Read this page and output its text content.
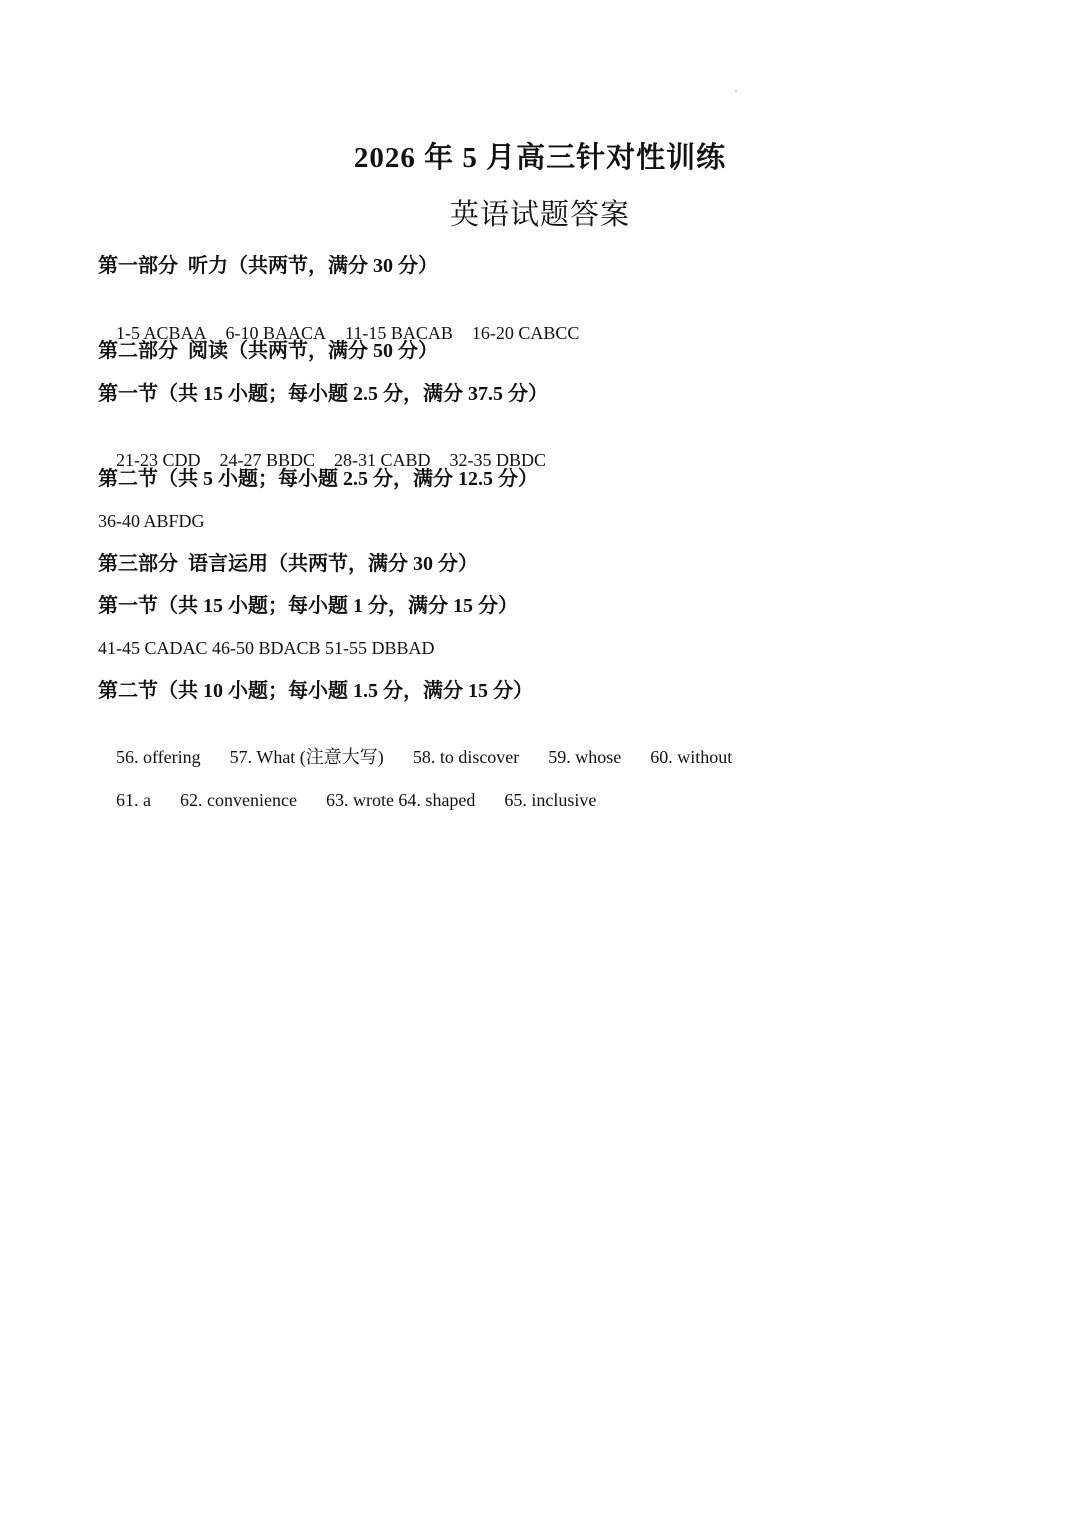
2026 年 5 月高三针对性训练
英语试题答案
第一部分  听力（共两节，满分 30 分）

1-5 ACBAA 6-10 BAACA 11-15 BACAB 16-20 CABCC

第二部分  阅读（共两节，满分 50 分）
第一节（共 15 小题；每小题 2.5 分，满分 37.5 分）

21-23 CDD 24-27 BBDC 28-31 CABD 32-35 DBDC

第二节（共 5 小题；每小题 2.5 分，满分 12.5 分）
36-40 ABFDG
第三部分  语言运用（共两节，满分 30 分）
第一节（共 15 小题；每小题 1 分，满分 15 分）
41-45 CADAC 46-50 BDACB 51-55 DBBAD
第二节（共 10 小题；每小题 1.5 分，满分 15 分）

56. offering 57. What (注意大写) 58. to discover 59. whose 60. without

61. a 62. convenience 63. wrote 64. shaped 65. inclusive
